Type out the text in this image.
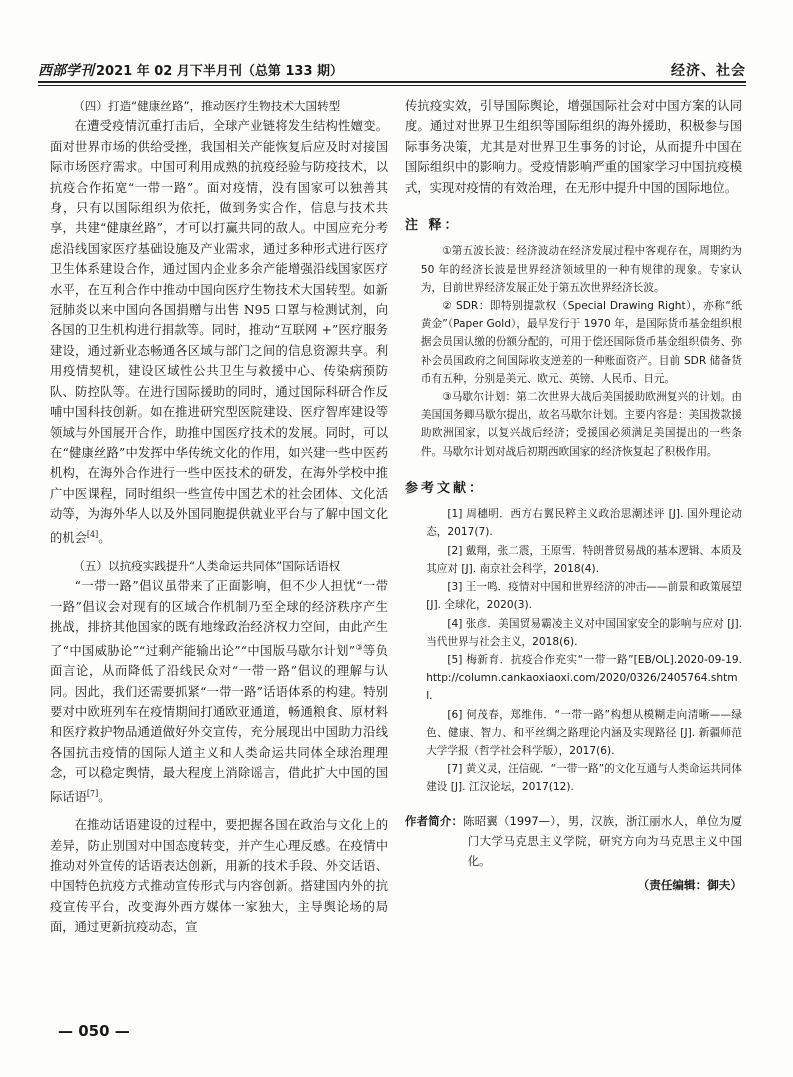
西部学刊 2021 年 02 月下半月刊（总第 133 期）	经济、社会

（四）打造“健康丝路”，推动医疗生物技术大国转型

在遭受疫情沉重打击后，全球产业链将发生结构性嬗变。面对世界市场的供给受挫，我国相关产能恢复后应及时对接国际市场医疗需求。中国可利用成熟的抗疫经验与防疫技术，以抗疫合作拓宽“一带一路”。面对疫情，没有国家可以独善其身，只有以国际组织为依托，做到务实合作，信息与技术共享，共建“健康丝路”，才可以打赢共同的敌人。中国应充分考虑沿线国家医疗基础设施及产业需求，通过多种形式进行医疗卫生体系建设合作，通过国内企业多余产能增强沿线国家医疗水平，在互利合作中推动中国向医疗生物技术大国转型。如新冠肺炎以来中国向各国捐赠与出售 N95 口罩与检测试剂，向各国的卫生机构进行捐款等。同时，推动“互联网 +”医疗服务建设，通过新业态畅通各区域与部门之间的信息资源共享。利用疫情契机，建设区域性公共卫生与救援中心、传染病预防队、防控队等。在进行国际援助的同时，通过国际科研合作反哺中国科技创新。如在推进研究型医院建设、医疗智库建设等领域与外国展开合作，助推中国医疗技术的发展。同时，可以在“健康丝路”中发挥中华传统文化的作用，如兴建一些中医药机构，在海外合作进行一些中医技术的研发，在海外学校中推广中医课程，同时组织一些宣传中国艺术的社会团体、文化活动等，为海外华人以及外国同胞提供就业平台与了解中国文化的机会[4]。

（五）以抗疫实践提升“人类命运共同体”国际话语权

“一带一路”倡议虽带来了正面影响，但不少人担忧“一带一路”倡议会对现有的区域合作机制乃至全球的经济秩序产生挑战，排挤其他国家的既有地缘政治经济权力空间，由此产生了“中国威胁论”“过剩产能输出论”“中国版马歇尔计划”③等负面言论，从而降低了沿线民众对“一带一路”倡议的理解与认同。因此，我们还需要抓紧“一带一路”话语体系的构建。特别要对中欧班列车在疫情期间打通欧亚通道，畅通粮食、原材料和医疗救护物品通道做好外交宣传，充分展现出中国助力沿线各国抗击疫情的国际人道主义和人类命运共同体全球治理理念，可以稳定舆情，最大程度上消除谣言，借此扩大中国的国际话语[7]。

在推动话语建设的过程中，要把握各国在政治与文化上的差异，防止别国对中国态度转变，并产生心理反感。在疫情中推动对外宣传的话语表达创新，用新的技术手段、外交话语、中国特色抗疫方式推动宣传形式与内容创新。搭建国内外的抗疫宣传平台，改变海外西方媒体一家独大，主导舆论场的局面，通过更新抗疫动态，宣

传抗疫实效，引导国际舆论，增强国际社会对中国方案的认同度。通过对世界卫生组织等国际组织的海外援助，积极参与国际事务决策，尤其是对世界卫生事务的讨论，从而提升中国在国际组织中的影响力。受疫情影响严重的国家学习中国抗疫模式，实现对疫情的有效治理，在无形中提升中国的国际地位。

注 释：

①第五波长波：经济波动在经济发展过程中客观存在，周期约为 50 年的经济长波是世界经济领域里的一种有规律的现象。专家认为，目前世界经济发展正处于第五次世界经济长波。

② SDR：即特别提款权（Special Drawing Right），亦称“纸黄金”（Paper Gold），最早发行于 1970 年，是国际货币基金组织根据会员国认缴的份额分配的，可用于偿还国际货币基金组织债务、弥补会员国政府之间国际收支逆差的一种账面资产。目前 SDR 储备货币有五种，分别是美元、欧元、英镑、人民币、日元。

③马歇尔计划：第二次世界大战后美国援助欧洲复兴的计划。由美国国务卿马歇尔提出，故名马歇尔计划。主要内容是：美国拨款援助欧洲国家，以复兴战后经济；受援国必须满足美国提出的一些条件。马歇尔计划对战后初期西欧国家的经济恢复起了积极作用。

参考文献：

[1] 周穗明．西方右翼民粹主义政治思潮述评 [J]. 国外理论动态，2017(7).

[2] 戴翔，张二震，王原雪．特朗普贸易战的基本逻辑、本质及其应对 [J]. 南京社会科学，2018(4).

[3] 王一鸣．疫情对中国和世界经济的冲击——前景和政策展望 [J]. 全球化，2020(3).

[4] 张彦．美国贸易霸凌主义对中国国家安全的影响与应对 [J]. 当代世界与社会主义，2018(6).

[5] 梅新育．抗疫合作充实“一带一路”[EB/OL].2020-09-19. http://column.cankaoxiaoxi.com/2020/0326/2405764.shtml.

[6] 何茂春，郑维伟．“一带一路”构想从模糊走向清晰——绿色、健康、智力、和平丝绸之路理论内涵及实现路径 [J]. 新疆师范大学学报（哲学社会科学版），2017(6).

[7] 黄义灵，汪信砚．“一带一路”的文化互通与人类命运共同体建设 [J]. 江汉论坛，2017(12).

作者简介：陈昭翼（1997—），男，汉族，浙江丽水人，单位为厦门大学马克思主义学院，研究方向为马克思主义中国化。
（责任编辑：御夫）
— 050 —
